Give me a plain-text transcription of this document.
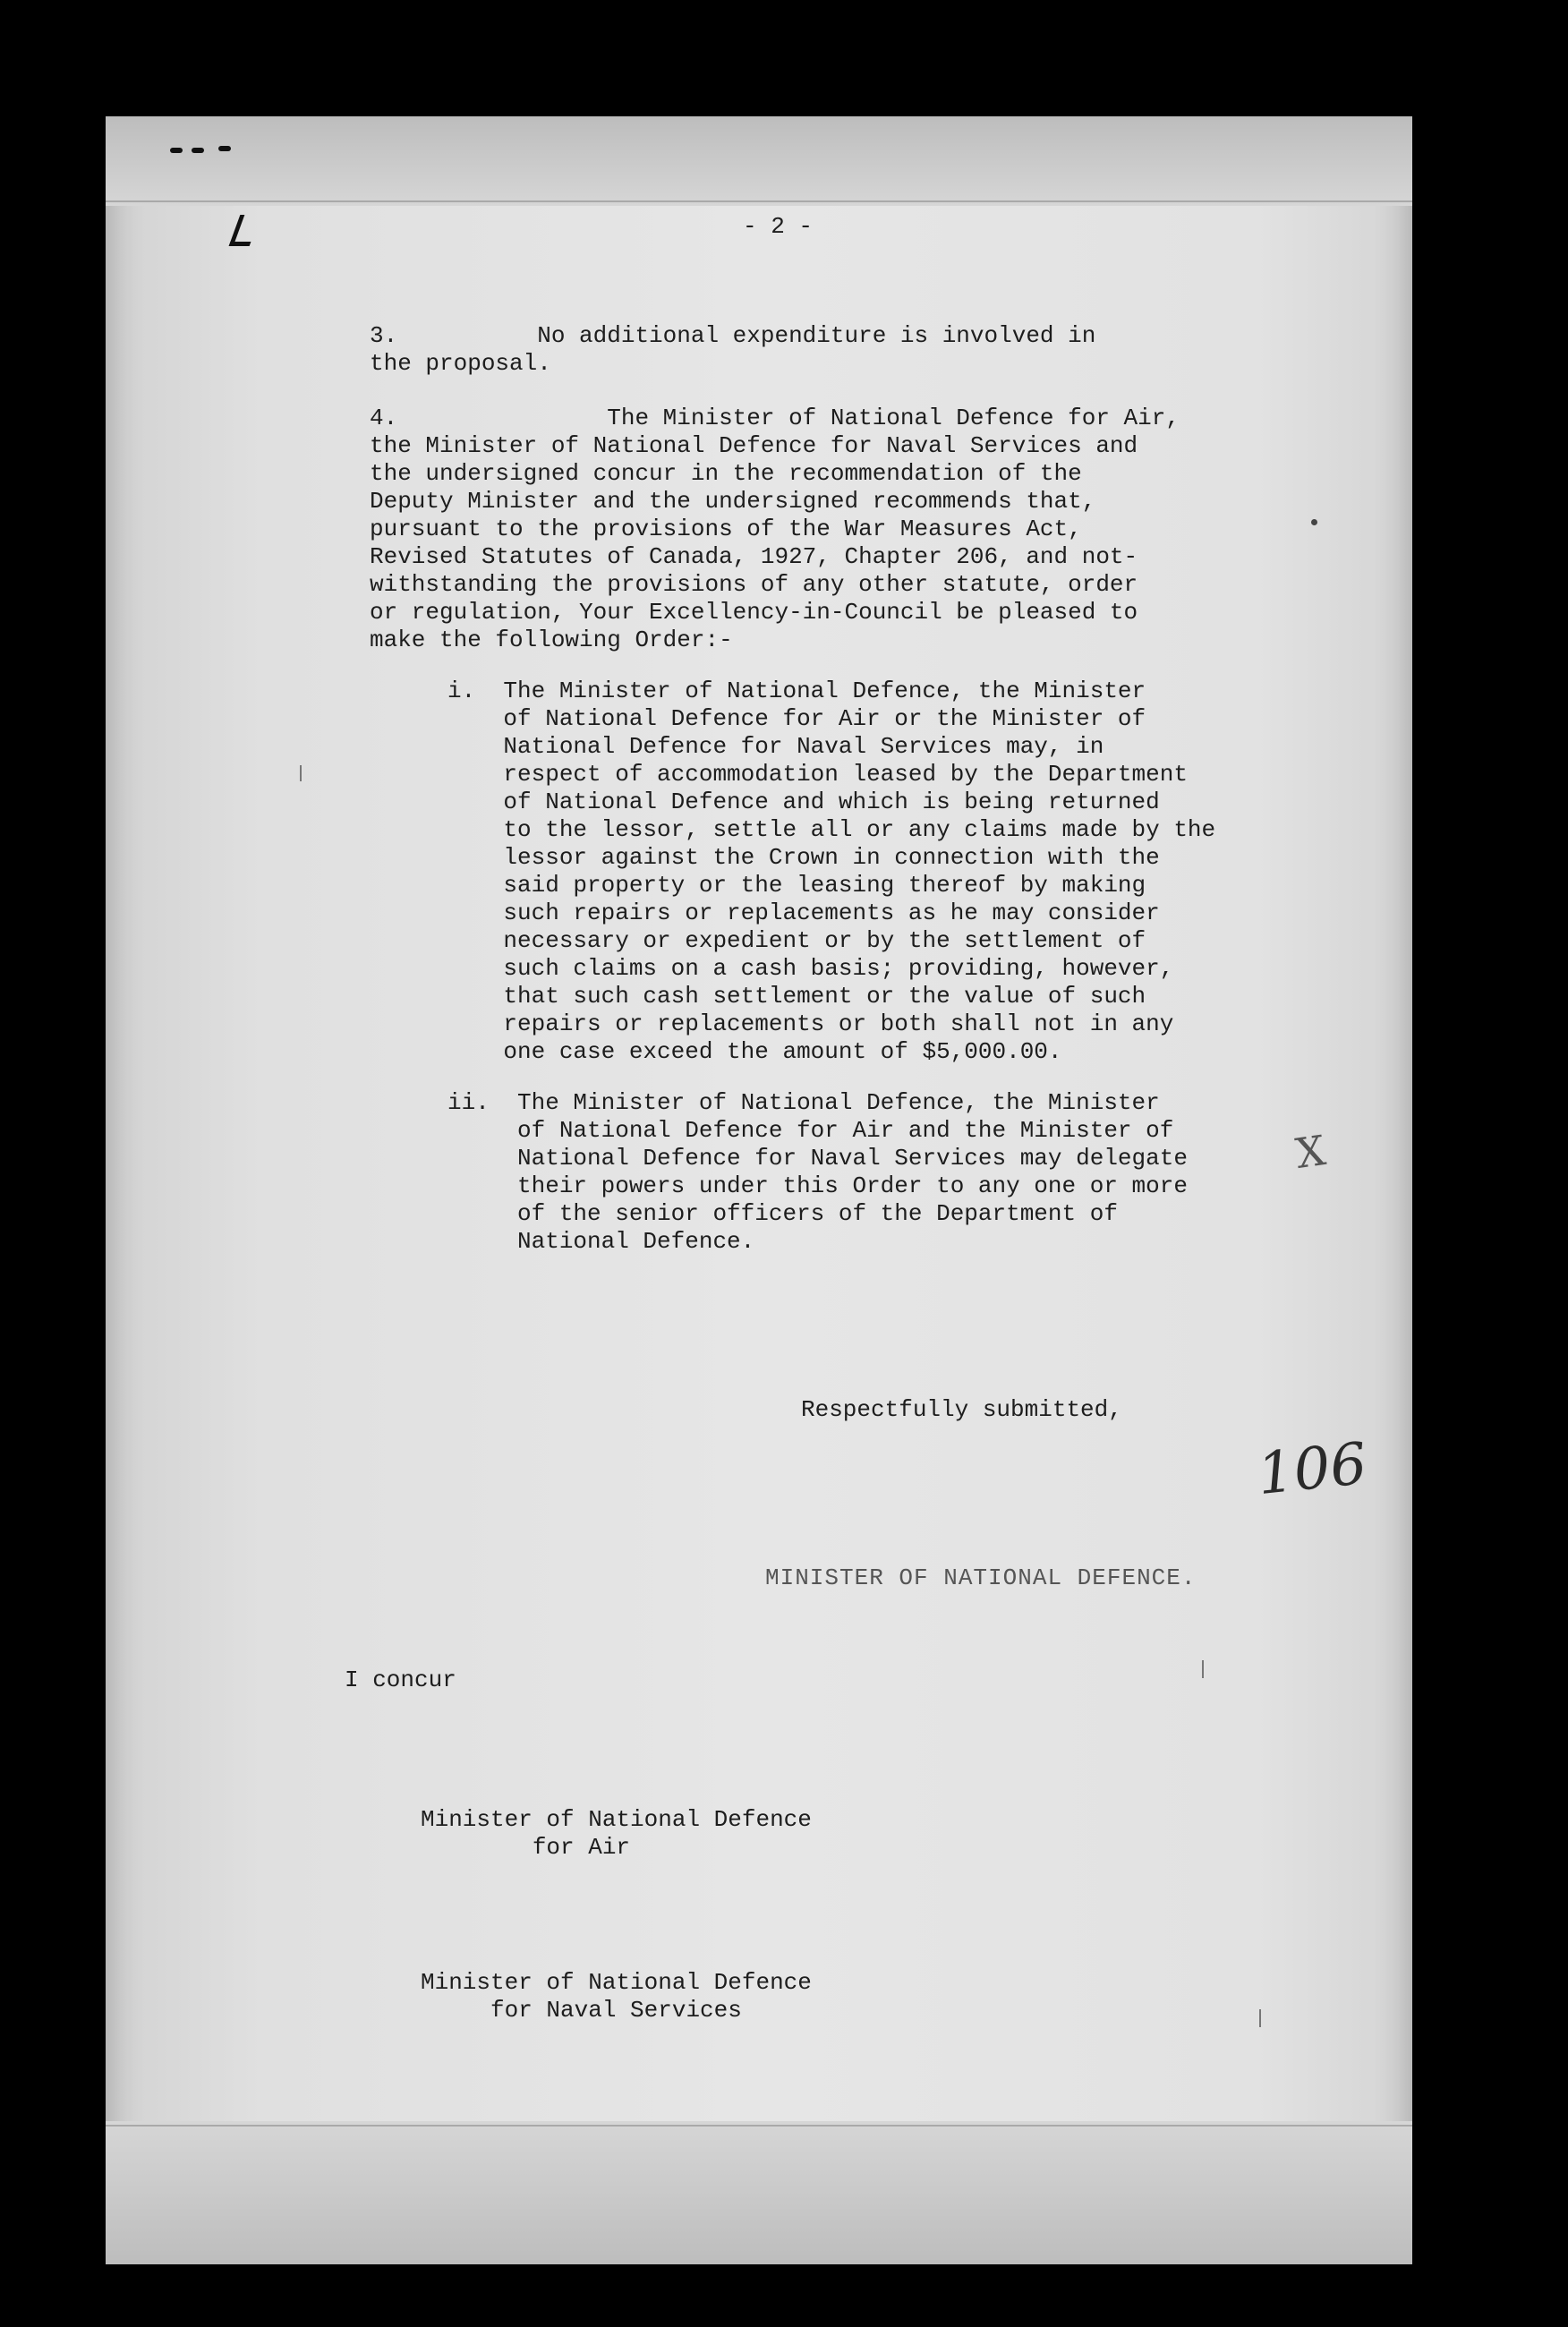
- 2 -
3.          No additional expenditure is involved in
the proposal.
4.               The Minister of National Defence for Air,
the Minister of National Defence for Naval Services and
the undersigned concur in the recommendation of the
Deputy Minister and the undersigned recommends that,
pursuant to the provisions of the War Measures Act,
Revised Statutes of Canada, 1927, Chapter 206, and not-
withstanding the provisions of any other statute, order
or regulation, Your Excellency-in-Council be pleased to
make the following Order:-
i.  The Minister of National Defence, the Minister
of National Defence for Air or the Minister of
National Defence for Naval Services may, in
respect of accommodation leased by the Department
of National Defence and which is being returned
to the lessor, settle all or any claims made by the
lessor against the Crown in connection with the
said property or the leasing thereof by making
such repairs or replacements as he may consider
necessary or expedient or by the settlement of
such claims on a cash basis; providing, however,
that such cash settlement or the value of such
repairs or replacements or both shall not in any
one case exceed the amount of $5,000.00.
ii.  The Minister of National Defence, the Minister
of National Defence for Air and the Minister of
National Defence for Naval Services may delegate
their powers under this Order to any one or more
of the senior officers of the Department of
National Defence.
X
Respectfully submitted,
106
MINISTER OF NATIONAL DEFENCE.
I concur
Minister of National Defence
for Air
Minister of National Defence
for Naval Services
